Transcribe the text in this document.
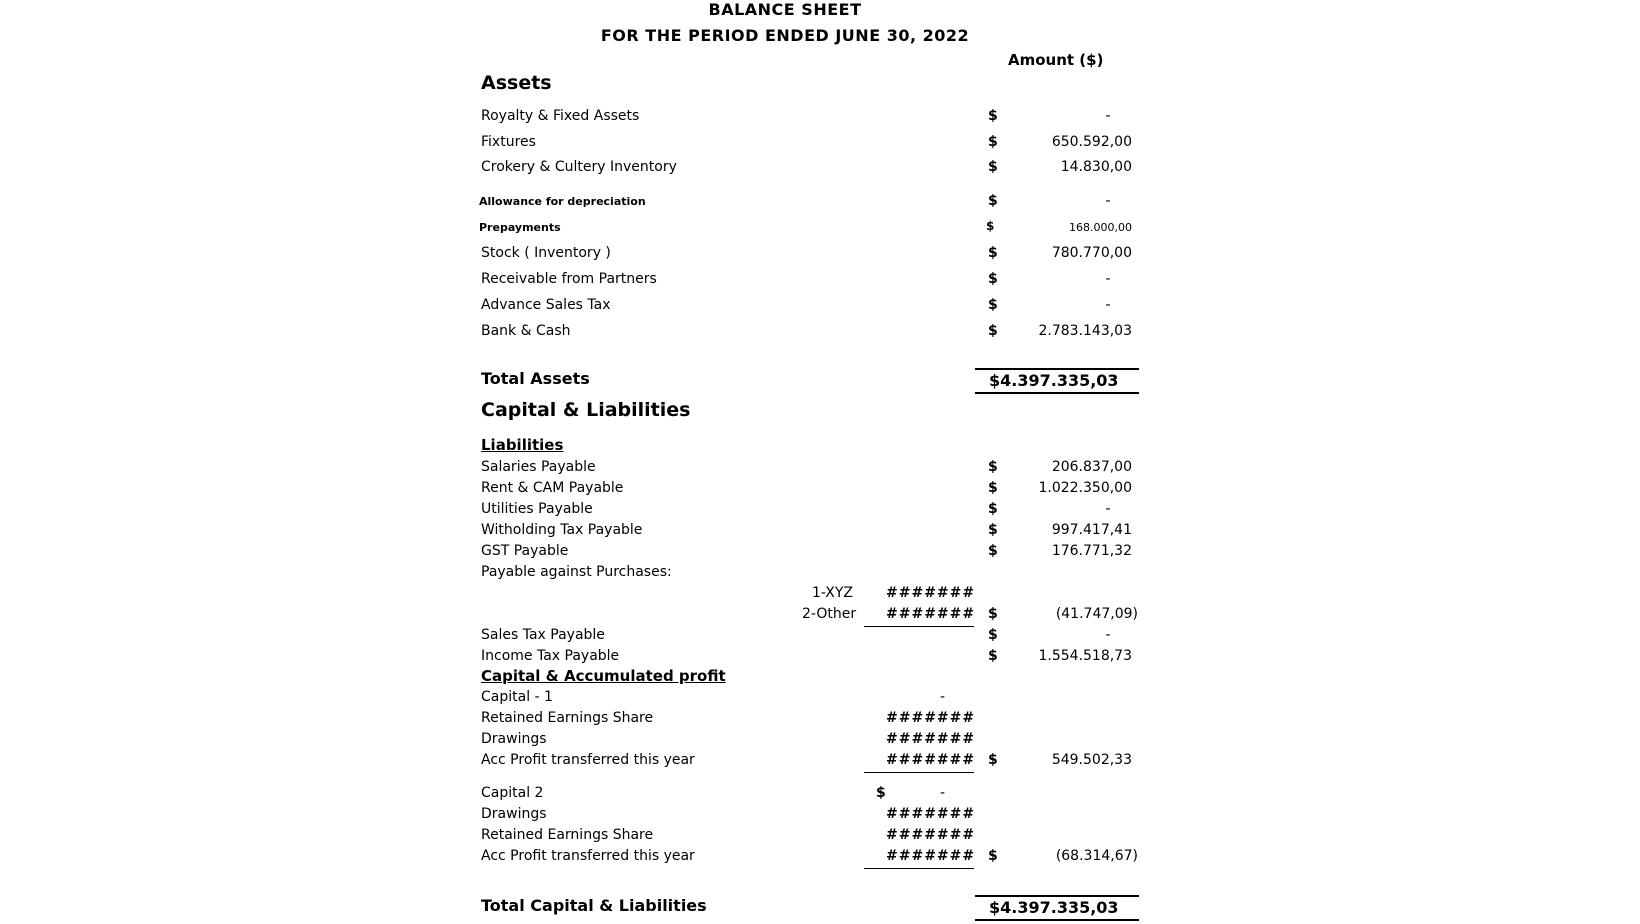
BALANCE SHEET
FOR THE PERIOD ENDED JUNE 30, 2022
Amount ($)
Assets
Royalty & Fixed Assets	$	-
Fixtures	$	650.592,00
Crokery & Cultery Inventory	$	14.830,00
Allowance for depreciation	$	-
Prepayments	$	168.000,00
Stock ( Inventory )	$	780.770,00
Receivable from Partners	$	-
Advance Sales Tax	$	-
Bank & Cash	$	2.783.143,03
Total Assets	$4.397.335,03
Capital & Liabilities
Liabilities
Salaries Payable	$	206.837,00
Rent & CAM Payable	$	1.022.350,00
Utilities Payable	$	-
Witholding Tax Payable	$	997.417,41
GST Payable	$	176.771,32
Payable against Purchases:
1-XYZ #######
2-Other ####### $	(41.747,09)
Sales Tax Payable	$	-
Income Tax Payable	$	1.554.518,73
Capital & Accumulated profit
Capital - 1	-
Retained Earnings Share	#######
Drawings	#######
Acc Profit transferred this year	####### $	549.502,33
Capital 2	$	-
Drawings	#######
Retained Earnings Share	#######
Acc Profit transferred this year	####### $	(68.314,67)
Total Capital & Liabilities	$4.397.335,03
